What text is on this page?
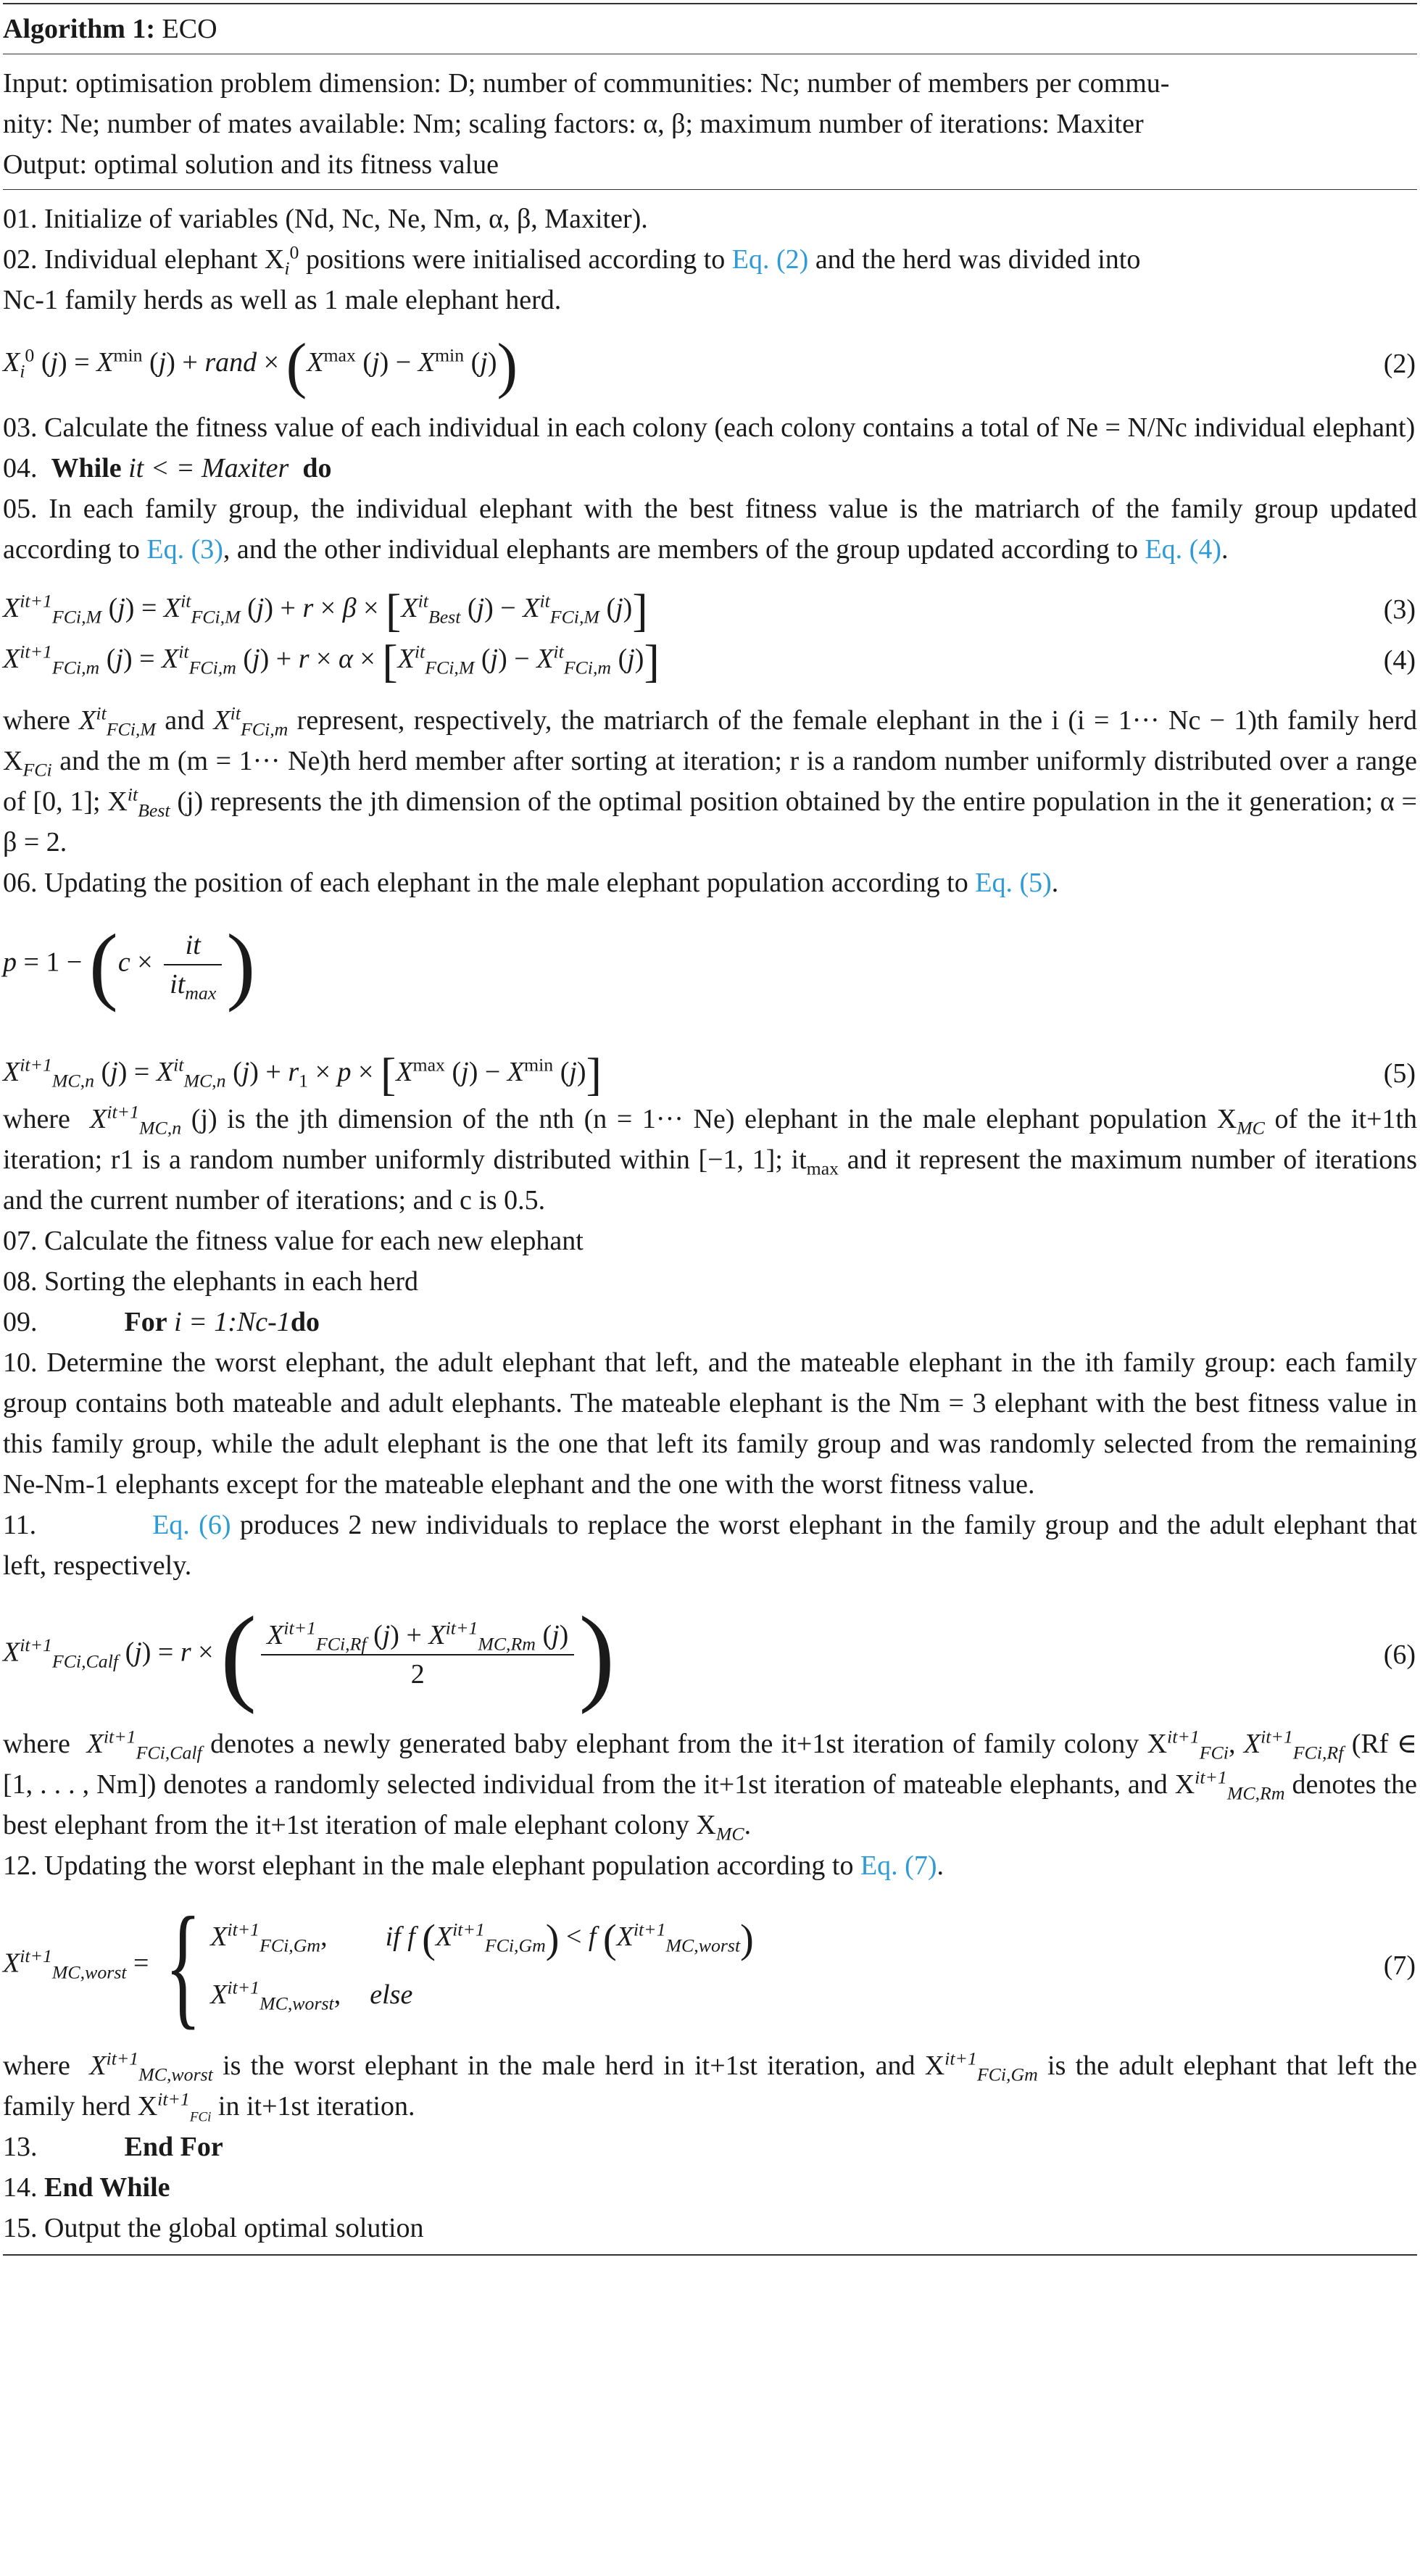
Algorithm 1: ECO
Input: optimisation problem dimension: D; number of communities: Nc; number of members per commu-
nity: Ne; number of mates available: Nm; scaling factors: α, β; maximum number of iterations: Maxiter
Output: optimal solution and its fitness value
01. Initialize of variables (Nd, Nc, Ne, Nm, α, β, Maxiter).
02. Individual elephant $X_i^0$ positions were initialised according to Eq. (2) and the herd was divided into
Nc-1 family herds as well as 1 male elephant herd.
$X_i^0$ $(j) = X^{min}$ (j) + rand × ($X^{max}$ $(j) - X^{min}$ (j))	(2)
03. Calculate the fitness value of each individual in each colony (each colony contains a total of Ne = N/Nc individual elephant)
04. While it < = Maxiter do
05. In each family group, the individual elephant with the best fitness value is the matriarch of the family group updated according to Eq. (3), and the other individual elephants are members of the group updated according to Eq. (4).
$X^{it+1}_{FCi,M}$ $(j) = X^{it}_{FCi,M}$ $(j) + r \times \beta \times [X^{it}_{Best}$ $(j) - X^{it}_{FCi,M}$ (j)]	(3)
$X^{it+1}_{FCi,m}$ $(j) = X^{it}_{FCi,m}$ $(j) + r \times \alpha \times [X^{it}_{FCi,M}$ $(j) - X^{it}_{FCi,m}$ (j)]	(4)
where $X^{it}_{FCi,M}$ and $X^{it}_{FCi,m}$ represent, respectively, the matriarch of the female elephant in the i (i = 1··· Nc − 1)th family herd $X_{FCi}$ and the m (m = 1··· Ne)th herd member after sorting at iteration; r is a random number uniformly distributed over a range of [0, 1]; $X^{it}_{Best}$ (j) represents the jth dimension of the optimal position obtained by the entire population in the it generation; α = β = 2.
06. Updating the position of each elephant in the male elephant population according to Eq. (5).
$p = 1 - (c \times \frac{it}{it_{max}}$ )
$X^{it+1}_{MC,n}$ $(j) = X^{it}_{MC,n}$ $(j) + r_1 \times p \times [X^{max}$ $(j) - X^{min}$ (j)]	(5)
where  $X^{it+1}_{MC,n}$ (j) is the jth dimension of the nth (n = 1··· Ne) elephant in the male elephant population $X_{MC}$ of the it+1th iteration; r1 is a random number uniformly distributed within [−1, 1]; $it_{max}$ and it represent the maximum number of iterations and the current number of iterations; and c is 0.5.
07. Calculate the fitness value for each new elephant
08. Sorting the elephants in each herd
09.	For i = 1:Nc-1do
10. Determine the worst elephant, the adult elephant that left, and the mateable elephant in the ith family group: each family group contains both mateable and adult elephants. The mateable elephant is the Nm = 3 elephant with the best fitness value in this family group, while the adult elephant is the one that left its family group and was randomly selected from the remaining Ne-Nm-1 elephants except for the mateable elephant and the one with the worst fitness value.
11.	Eq. (6) produces 2 new individuals to replace the worst elephant in the family group and the adult elephant that left, respectively.
$X^{it+1}_{FCi,Calf}$ (j) = r × ( $\frac{X^{it+1}_{FCi,Rf} (j) + X^{it+1}_{MC,Rm} (j)}{2}$ )	(6)
where  $X^{it+1}_{FCi,Calf}$ denotes a newly generated baby elephant from the it+1st iteration of family colony $X^{it+1}_{FCi}$, $X^{it+1}_{FCi,Rf}$ (Rf ∈ [1, . . . , Nm]) denotes a randomly selected individual from the it+1st iteration of mateable elephants, and $X^{it+1}_{MC,Rm}$ denotes the best elephant from the it+1st iteration of male elephant colony $X_{MC}$.
12. Updating the worst elephant in the male elephant population according to Eq. (7).
$X^{it+1}_{MC,worst}$ = { $X^{it+1}_{FCi,Gm}$, if f $(X^{it+1}_{FCi,Gm}) < f$ $(X^{it+1}_{MC,worst})$
$X^{it+1}_{MC,worst}$, else
(7)
where  $X^{it+1}_{MC,worst}$ is the worst elephant in the male herd in it+1st iteration, and $X^{it+1}_{FCi,Gm}$ is the adult elephant that left the family herd $X^{it+1}_{FCi}$ in it+1st iteration.
13.	End For
14. End While
15. Output the global optimal solution
